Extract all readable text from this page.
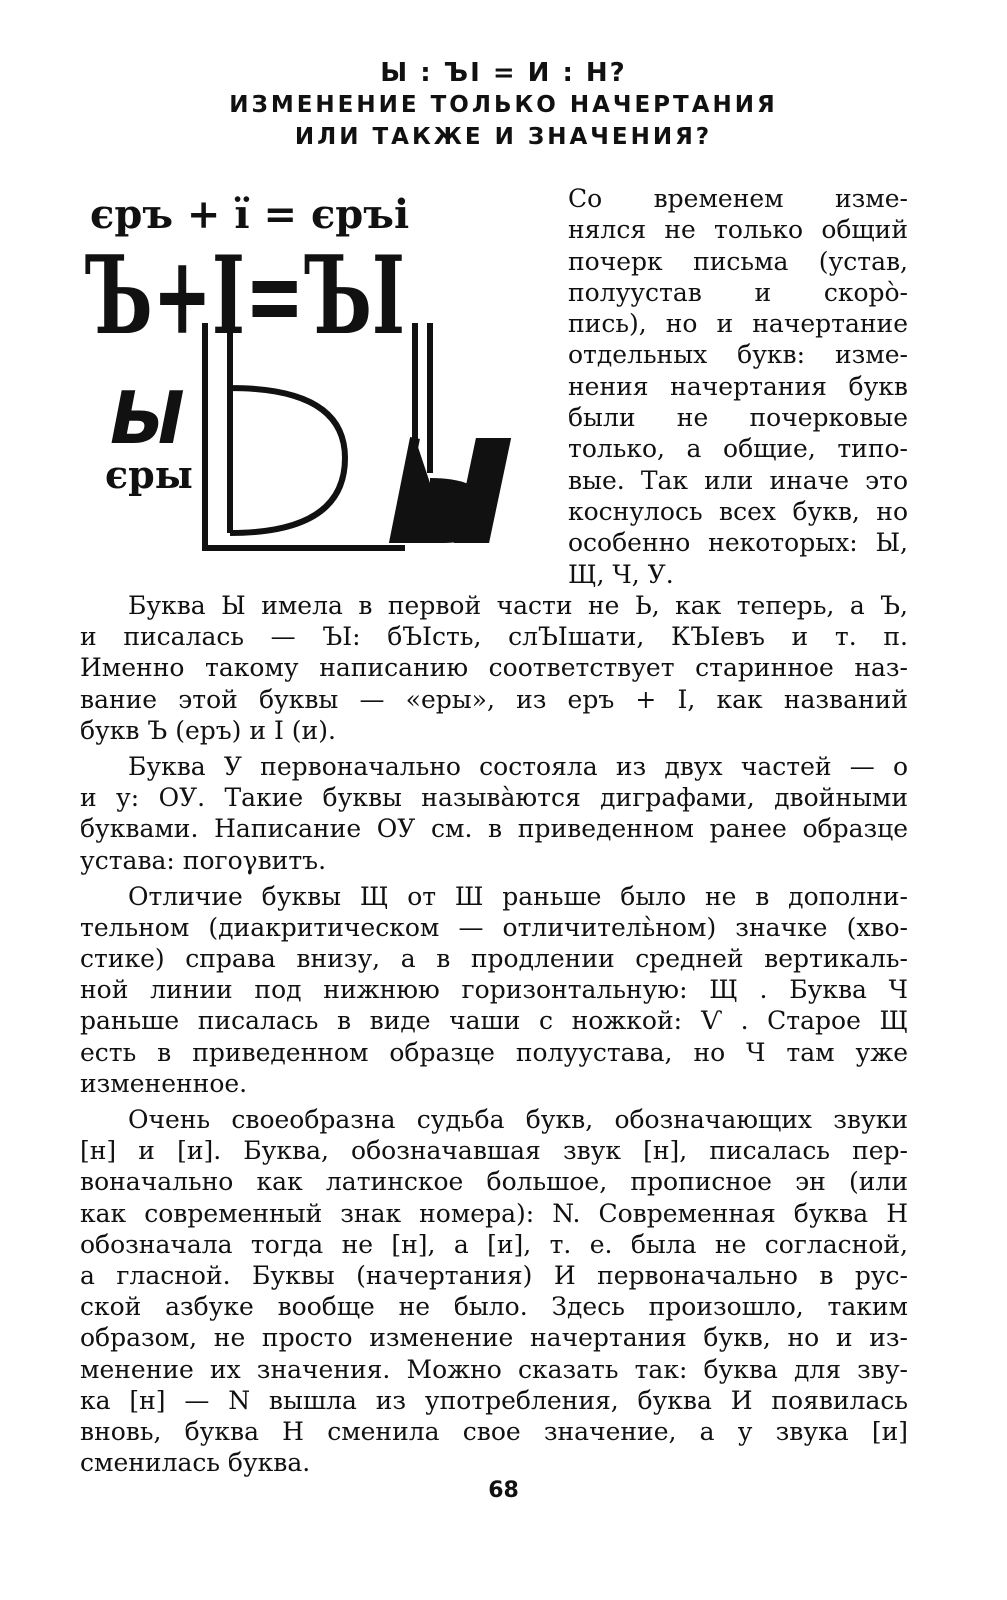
Ы : ЪІ = И : Н?
ИЗМЕНЕНИЕ ТОЛЬКО НАЧЕРТАНИЯ
ИЛИ ТАКЖЕ И ЗНАЧЕНИЯ?
єръ + ї = єръі
Ъ+І=ЪІ
Ы
єры
Со временем изме-
нялся не только общий
почерк письма (устав,
полуустав и скоро̀-
пись), но и начертание
отдельных букв: изме-
нения начертания букв
были не почерковые
только, а общие, типо-
вые. Так или иначе это
коснулось всех букв, но
особенно некоторых: Ы,
Щ, Ч, У.
Буква Ы имела в первой части не Ь, как теперь, а Ъ,
и писалась — ЪІ: бЪІсть, слЪІшати, КЪІевъ и т. п.
Именно такому написанию соответствует старинное наз-
вание этой буквы — «еры», из еръ + І, как названий
букв Ъ (еръ) и І (и).
Буква У первоначально состояла из двух частей — о
и у: ОУ. Такие буквы называ̀ются диграфами, двойными
буквами. Написание ОУ см. в приведенном ранее образце
устава: погоγвитъ.
Отличие буквы Щ от Ш раньше было не в дополни-
тельном (диакритическом — отличитель̀ном) значке (хво-
стике) справа внизу, а в продлении средней вертикаль-
ной линии под нижнюю горизонтальную: Щ . Буква Ч
раньше писалась в виде чаши с ножкой: Ѵ . Старое Щ
есть в приведенном образце полуустава, но Ч там уже
измененное.
Очень своеобразна судьба букв, обозначающих звуки
[н] и [и]. Буква, обозначавшая звук [н], писалась пер-
воначально как латинское большое, прописное эн (или
как современный знак номера): N. Современная буква Н
обозначала тогда не [н], а [и], т. е. была не согласной,
а гласной. Буквы (начертания) И первоначально в рус-
ской азбуке вообще не было. Здесь произошло, таким
образом, не просто изменение начертания букв, но и из-
менение их значения. Можно сказать так: буква для зву-
ка [н] — N вышла из употребления, буква И появилась
вновь, буква Н сменила свое значение, а у звука [и]
сменилась буква.
68
